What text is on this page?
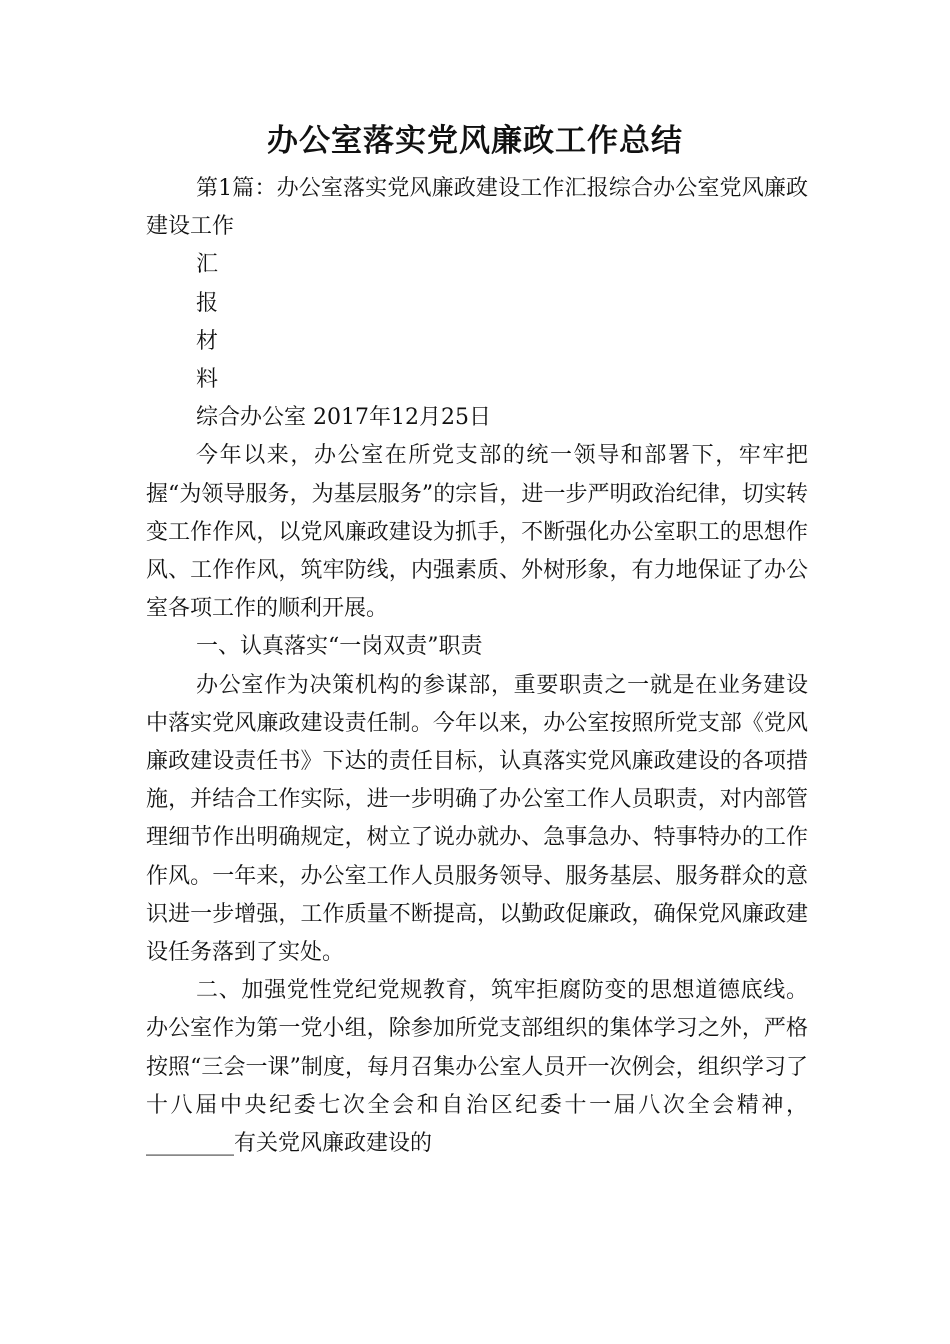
办公室落实党风廉政工作总结

第1篇：办公室落实党风廉政建设工作汇报综合办公室党风廉政建设工作

汇

报

材

料

综合办公室 2017年12月25日

今年以来，办公室在所党支部的统一领导和部署下，牢牢把握“为领导服务，为基层服务”的宗旨，进一步严明政治纪律，切实转变工作作风，以党风廉政建设为抓手，不断强化办公室职工的思想作风、工作作风，筑牢防线，内强素质、外树形象，有力地保证了办公室各项工作的顺利开展。

一、认真落实“一岗双责”职责

办公室作为决策机构的参谋部，重要职责之一就是在业务建设中落实党风廉政建设责任制。今年以来，办公室按照所党支部《党风廉政建设责任书》下达的责任目标，认真落实党风廉政建设的各项措施，并结合工作实际，进一步明确了办公室工作人员职责，对内部管理细节作出明确规定，树立了说办就办、急事急办、特事特办的工作作风。一年来，办公室工作人员服务领导、服务基层、服务群众的意识进一步增强，工作质量不断提高，以勤政促廉政，确保党风廉政建设任务落到了实处。

二、加强党性党纪党规教育，筑牢拒腐防变的思想道德底线。 办公室作为第一党小组，除参加所党支部组织的集体学习之外，严格按照“三会一课”制度，每月召集办公室人员开一次例会，组织学习了十八届中央纪委七次全会和自治区纪委十一届八次全会精神，________有关党风廉政建设的
